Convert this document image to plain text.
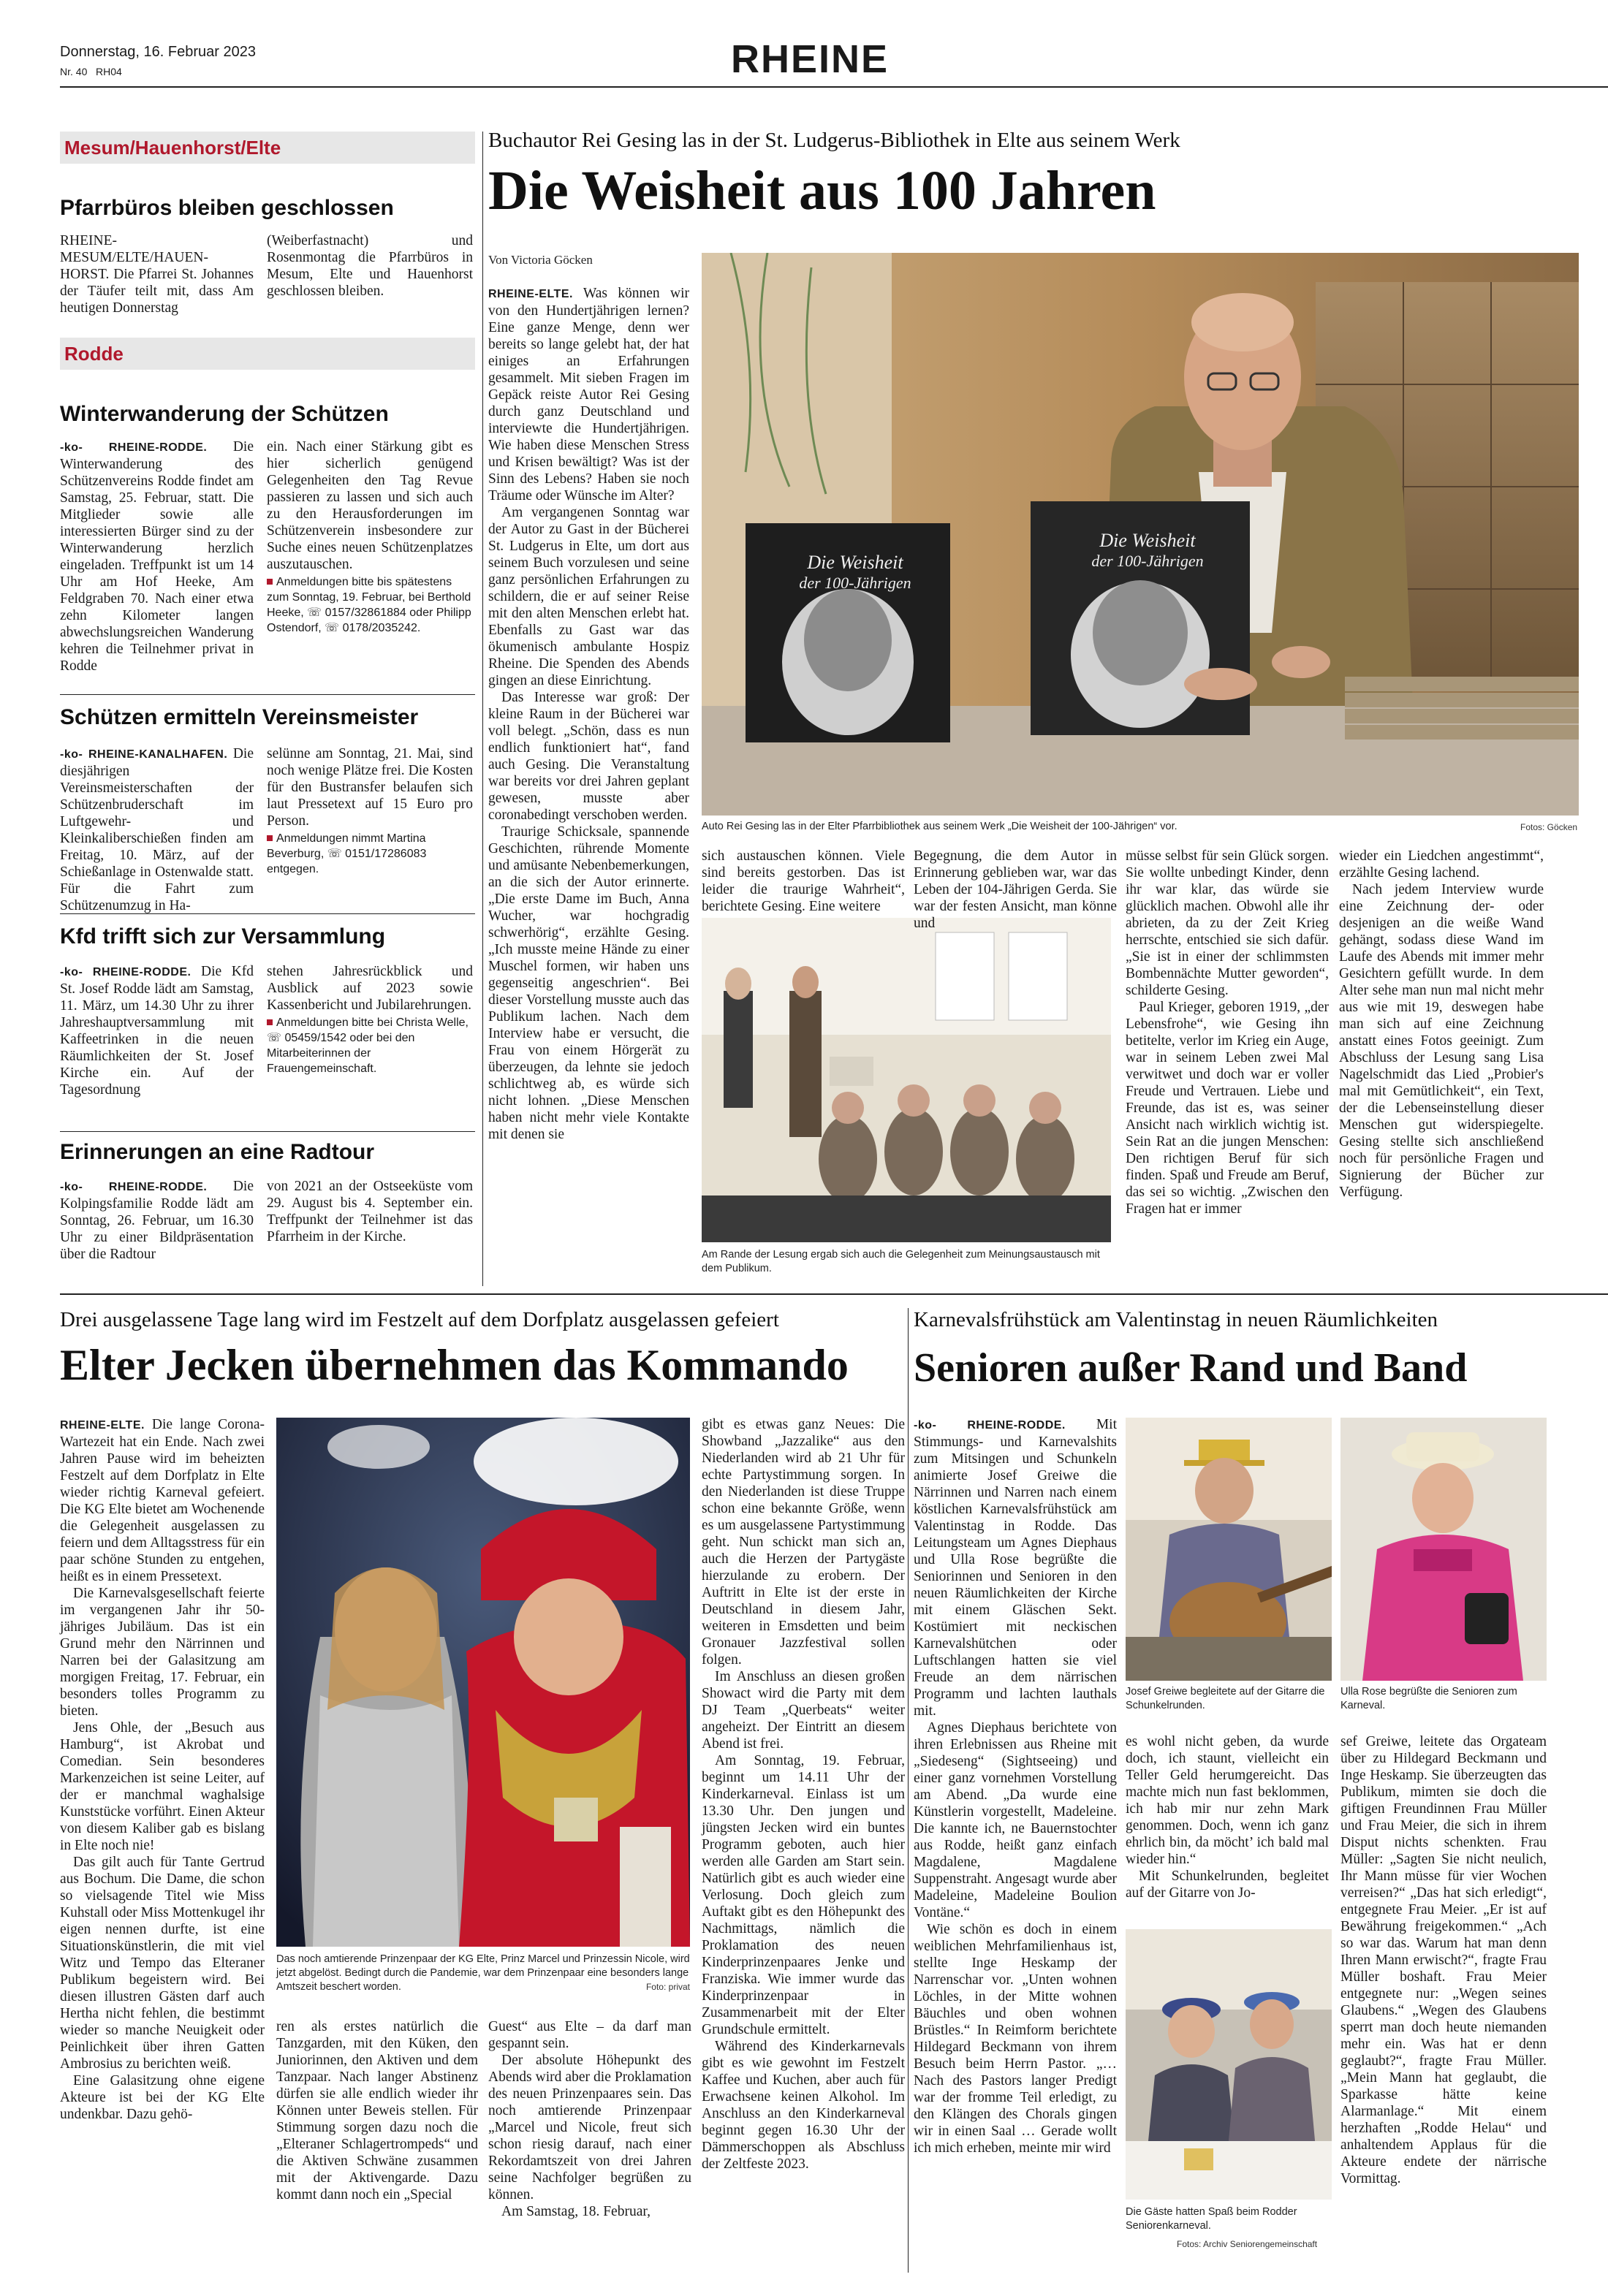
Donnerstag, 16. Februar 2023
Nr. 40 RH04	RHEINE
Mesum/Hauenhorst/Elte
Pfarrbüros bleiben geschlossen

RHEINE-MESUM/ELTE/HAUEN-HORST. Die Pfarrei St. Johannes der Täufer teilt mit, dass Am heutigen Donnerstag

(Weiberfastnacht) und Rosenmontag die Pfarrbüros in Mesum, Elte und Hauenhorst geschlossen bleiben.

Rodde
Winterwanderung der Schützen

-ko- RHEINE-RODDE. Die Winterwanderung des Schützenvereins Rodde findet am Samstag, 25. Februar, statt. Die Mitglieder sowie alle interessierten Bürger sind zu der Winterwanderung herzlich eingeladen. Treffpunkt ist um 14 Uhr am Hof Heeke, Am Feldgraben 70. Nach einer etwa zehn Kilometer langen abwechslungsreichen Wanderung kehren die Teilnehmer privat in Rodde

ein. Nach einer Stärkung gibt es hier sicherlich genügend Gelegenheiten den Tag Revue passieren zu lassen und sich auch zu den Herausforderungen im Schützenverein insbesondere zur Suche eines neuen Schützenplatzes auszutauschen.

Anmeldungen bitte bis spätestens zum Sonntag, 19. Februar, bei Berthold Heeke, ☏ 0157/32861884 oder Philipp Ostendorf, ☏ 0178/2035242.
Schützen ermitteln Vereinsmeister

-ko- RHEINE-KANALHAFEN. Die diesjährigen Vereinsmeisterschaften der Schützenbruderschaft im Luftgewehr- und Kleinkaliberschießen finden am Freitag, 10. März, auf der Schießanlage in Ostenwalde statt. Für die Fahrt zum Schützenumzug in Ha-

selünne am Sonntag, 21. Mai, sind noch wenige Plätze frei. Die Kosten für den Bustransfer belaufen sich laut Pressetext auf 15 Euro pro Person.

Anmeldungen nimmt Martina Beverburg, ☏ 0151/17286083 entgegen.
Kfd trifft sich zur Versammlung

-ko- RHEINE-RODDE. Die Kfd St. Josef Rodde lädt am Samstag, 11. März, um 14.30 Uhr zu ihrer Jahreshauptversammlung mit Kaffeetrinken in die neuen Räumlichkeiten der St. Josef Kirche ein. Auf der Tagesordnung

stehen Jahresrückblick und Ausblick auf 2023 sowie Kassenbericht und Jubilarehrungen.

Anmeldungen bitte bei Christa Welle, ☏ 05459/1542 oder bei den Mitarbeiterinnen der Frauengemeinschaft.
Erinnerungen an eine Radtour

-ko- RHEINE-RODDE. Die Kolpingsfamilie Rodde lädt am Sonntag, 26. Februar, um 16.30 Uhr zu einer Bildpräsentation über die Radtour

von 2021 an der Ostseeküste vom 29. August bis 4. September ein. Treffpunkt der Teilnehmer ist das Pfarrheim in der Kirche.

Buchautor Rei Gesing las in der St. Ludgerus-Bibliothek in Elte aus seinem Werk
Die Weisheit aus 100 Jahren
Von Victoria Göcken
Die Weisheit
der 100-Jährigen
Die Weisheit
der 100-Jährigen
Auto Rei Gesing las in der Elter Pfarrbibliothek aus seinem Werk „Die Weisheit der 100-Jährigen“ vor.	Fotos: Göcken

RHEINE-ELTE. Was können wir von den Hundertjährigen lernen? Eine ganze Menge, denn wer bereits so lange gelebt hat, der hat einiges an Erfahrungen gesammelt. Mit sieben Fragen im Gepäck reiste Autor Rei Gesing durch ganz Deutschland und interviewte die Hundertjährigen. Wie haben diese Menschen Stress und Krisen bewältigt? Was ist der Sinn des Lebens? Haben sie noch Träume oder Wünsche im Alter?

Am vergangenen Sonntag war der Autor zu Gast in der Bücherei St. Ludgerus in Elte, um dort aus seinem Buch vorzulesen und seine ganz persönlichen Erfahrungen zu schildern, die er auf seiner Reise mit den alten Menschen erlebt hat. Ebenfalls zu Gast war das ökumenisch ambulante Hospiz Rheine. Die Spenden des Abends gingen an diese Einrichtung.

Das Interesse war groß: Der kleine Raum in der Bücherei war voll belegt. „Schön, dass es nun endlich funktioniert hat“, fand auch Gesing. Die Veranstaltung war bereits vor drei Jahren geplant gewesen, musste aber coronabedingt verschoben werden.

Traurige Schicksale, spannende Geschichten, rührende Momente und amüsante Nebenbemerkungen, an die sich der Autor erinnerte. „Die erste Dame im Buch, Anna Wucher, war hochgradig schwerhörig“, erzählte Gesing. „Ich musste meine Hände zu einer Muschel formen, wir haben uns gegenseitig angeschrien“. Bei dieser Vorstellung musste auch das Publikum lachen. Nach dem Interview habe er versucht, die Frau von einem Hörgerät zu überzeugen, da lehnte sie jedoch schlichtweg ab, es würde sich nicht lohnen. „Diese Menschen haben nicht mehr viele Kontakte mit denen sie

sich austauschen können. Viele sind bereits gestorben. Das ist leider die traurige Wahrheit“, berichtete Gesing. Eine weitere

Am Rande der Lesung ergab sich auch die Gelegenheit zum Meinungsaustausch mit dem Publikum.

Begegnung, die dem Autor in Erinnerung geblieben war, war das Leben der 104-Jährigen Gerda. Sie war der festen Ansicht, man könne und

müsse selbst für sein Glück sorgen. Sie wollte unbedingt Kinder, denn ihr war klar, das würde sie glücklich machen. Obwohl alle ihr abrieten, da zu der Zeit Krieg herrschte, entschied sie sich dafür. „Sie ist in einer der schlimmsten Bombennächte Mutter geworden“, schilderte Gesing.

Paul Krieger, geboren 1919, „der Lebensfrohe“, wie Gesing ihn betitelte, verlor im Krieg ein Auge, war in seinem Leben zwei Mal verwitwet und doch war er voller Freude und Vertrauen. Liebe und Freunde, das ist es, was seiner Ansicht nach wirklich wichtig ist. Sein Rat an die jungen Menschen: Den richtigen Beruf für sich finden. Spaß und Freude am Beruf, das sei so wichtig. „Zwischen den Fragen hat er immer

wieder ein Liedchen angestimmt“, erzählte Gesing lachend.

Nach jedem Interview wurde eine Zeichnung der- oder desjenigen an die weiße Wand gehängt, sodass diese Wand im Laufe des Abends mit immer mehr Gesichtern gefüllt wurde. In dem Alter sehe man nun mal nicht mehr aus wie mit 19, deswegen habe man sich auf eine Zeichnung anstatt eines Fotos geeinigt. Zum Abschluss der Lesung sang Lisa Nagelschmidt das Lied „Probier's mal mit Gemütlichkeit“, ein Text, der die Lebenseinstellung dieser Menschen gut widerspiegelte. Gesing stellte sich anschließend noch für persönliche Fragen und Signierung der Bücher zur Verfügung.

Drei ausgelassene Tage lang wird im Festzelt auf dem Dorfplatz ausgelassen gefeiert
Elter Jecken übernehmen das Kommando

RHEINE-ELTE. Die lange Corona-Wartezeit hat ein Ende. Nach zwei Jahren Pause wird im beheizten Festzelt auf dem Dorfplatz in Elte wieder richtig Karneval gefeiert. Die KG Elte bietet am Wochenende die Gelegenheit ausgelassen zu feiern und dem Alltagsstress für ein paar schöne Stunden zu entgehen, heißt es in einem Pressetext.

Die Karnevalsgesellschaft feierte im vergangenen Jahr ihr 50-jähriges Jubiläum. Das ist ein Grund mehr den Närrinnen und Narren bei der Galasitzung am morgigen Freitag, 17. Februar, ein besonders tolles Programm zu bieten.

Jens Ohle, der „Besuch aus Hamburg“, ist Akrobat und Comedian. Sein besonderes Markenzeichen ist seine Leiter, auf der er manchmal waghalsige Kunststücke vorführt. Einen Akteur von diesem Kaliber gab es bislang in Elte noch nie!

Das gilt auch für Tante Gertrud aus Bochum. Die Dame, die schon so vielsagende Titel wie Miss Kuhstall oder Miss Mottenkugel ihr eigen nennen durfte, ist eine Situationskünstlerin, die mit viel Witz und Tempo das Elteraner Publikum begeistern wird. Bei diesen illustren Gästen darf auch Hertha nicht fehlen, die bestimmt wieder so manche Neuigkeit oder Peinlichkeit über ihren Gatten Ambrosius zu berichten weiß.

Eine Galasitzung ohne eigene Akteure ist bei der KG Elte undenkbar. Dazu gehö-

Das noch amtierende Prinzenpaar der KG Elte, Prinz Marcel und Prinzessin Nicole, wird jetzt abgelöst. Bedingt durch die Pandemie, war dem Prinzenpaar eine besonders lange Amtszeit beschert worden.	Foto: privat

ren als erstes natürlich die Tanzgarden, mit den Küken, den Juniorinnen, den Aktiven und dem Tanzpaar. Nach langer Abstinenz dürfen sie alle endlich wieder ihr Können unter Beweis stellen. Für Stimmung sorgen dazu noch die „Elteraner Schlagertrompeds“ und die Aktiven Schwäne zusammen mit der Aktivengarde. Dazu kommt dann noch ein „Special

Guest“ aus Elte – da darf man gespannt sein.

Der absolute Höhepunkt des Abends wird aber die Proklamation des neuen Prinzenpaares sein. Das noch amtierende Prinzenpaar „Marcel und Nicole, freut sich schon riesig darauf, nach einer Rekordamtszeit von drei Jahren seine Nachfolger begrüßen zu können.

Am Samstag, 18. Februar,

gibt es etwas ganz Neues: Die Showband „Jazzalike“ aus den Niederlanden wird ab 21 Uhr für echte Partystimmung sorgen. In den Niederlanden ist diese Truppe schon eine bekannte Größe, wenn es um ausgelassene Partystimmung geht. Nun schickt man sich an, auch die Herzen der Partygäste hierzulande zu erobern. Der Auftritt in Elte ist der erste in Deutschland in diesem Jahr, weiteren in Emsdetten und beim Gronauer Jazzfestival sollen folgen.

Im Anschluss an diesen großen Showact wird die Party mit dem DJ Team „Querbeats“ weiter angeheizt. Der Eintritt an diesem Abend ist frei.

Am Sonntag, 19. Februar, beginnt um 14.11 Uhr der Kinderkarneval. Einlass ist um 13.30 Uhr. Den jungen und jüngsten Jecken wird ein buntes Programm geboten, auch hier werden alle Garden am Start sein. Natürlich gibt es auch wieder eine Verlosung. Doch gleich zum Auftakt gibt es den Höhepunkt des Nachmittags, nämlich die Proklamation des neuen Kinderprinzenpaares Jenke und Franziska. Wie immer wurde das Kinderprinzenpaar in Zusammenarbeit mit der Elter Grundschule ermittelt.

Während des Kinderkarnevals gibt es wie gewohnt im Festzelt Kaffee und Kuchen, aber auch für Erwachsene keinen Alkohol. Im Anschluss an den Kinderkarneval beginnt gegen 16.30 Uhr der Dämmerschoppen als Abschluss der Zeltfeste 2023.

Karnevalsfrühstück am Valentinstag in neuen Räumlichkeiten
Senioren außer Rand und Band

-ko- RHEINE-RODDE. Mit Stimmungs- und Karnevalshits zum Mitsingen und Schunkeln animierte Josef Greiwe die Närrinnen und Narren nach einem köstlichen Karnevalsfrühstück am Valentinstag in Rodde. Das Leitungsteam um Agnes Diephaus und Ulla Rose begrüßte die Seniorinnen und Senioren in den neuen Räumlichkeiten der Kirche mit einem Gläschen Sekt. Kostümiert mit neckischen Karnevalshütchen oder Luftschlangen hatten sie viel Freude an dem närrischen Programm und lachten lauthals mit.

Agnes Diephaus berichtete von ihren Erlebnissen aus Rheine mit „Siedeseng“ (Sightseeing) und einer ganz vornehmen Vorstellung am Abend. „Da wurde eine Künstlerin vorgestellt, Madeleine. Die kannte ich, ne Bauernstochter aus Rodde, heißt ganz einfach Magdalene, Magdalene Suppenstraht. Angesagt wurde aber Madeleine, Madeleine Boulion Vontäne.“

Wie schön es doch in einem weiblichen Mehrfamilienhaus ist, stellte Inge Heskamp der Narrenschar vor. „Unten wohnen Löchles, in der Mitte wohnen Bäuchles und oben wohnen Brüstles.“ In Reimform berichtete Hildegard Beckmann von ihrem Besuch beim Herrn Pastor. „…Nach des Pastors langer Predigt war der fromme Teil erledigt, zu den Klängen des Chorals gingen wir in einen Saal … Gerade wollt ich mich erheben, meinte mir wird

Josef Greiwe begleitete auf der Gitarre die Schunkelrunden.
Ulla Rose begrüßte die Senioren zum Karneval.

es wohl nicht geben, da wurde doch, ich staunt, vielleicht ein Teller Geld herumgereicht. Das machte mich nun fast beklommen, ich hab mir nur zehn Mark genommen. Doch, wenn ich ganz ehrlich bin, da möcht’ ich bald mal wieder hin.“

Mit Schunkelrunden, begleitet auf der Gitarre von Jo-

Die Gäste hatten Spaß beim Rodder Seniorenkarneval.
Fotos: Archiv Seniorengemeinschaft

sef Greiwe, leitete das Orgateam über zu Hildegard Beckmann und Inge Heskamp. Sie überzeugten das Publikum, mimten sie doch die giftigen Freundinnen Frau Müller und Frau Meier, die sich in ihrem Disput nichts schenkten. Frau Müller: „Sagten Sie nicht neulich, Ihr Mann müsse für vier Wochen verreisen?“ „Das hat sich erledigt“, entgegnete Frau Meier. „Er ist auf Bewährung freigekommen.“ „Ach so war das. Warum hat man denn Ihren Mann erwischt?“, fragte Frau Müller boshaft. Frau Meier entgegnete nur: „Wegen seines Glaubens.“ „Wegen des Glaubens sperrt man doch heute niemanden mehr ein. Was hat er denn geglaubt?“, fragte Frau Müller. „Mein Mann hat geglaubt, die Sparkasse hätte keine Alarmanlage.“ Mit einem herzhaften „Rodde Helau“ und anhaltendem Applaus für die Akteure endete der närrische Vormittag.
